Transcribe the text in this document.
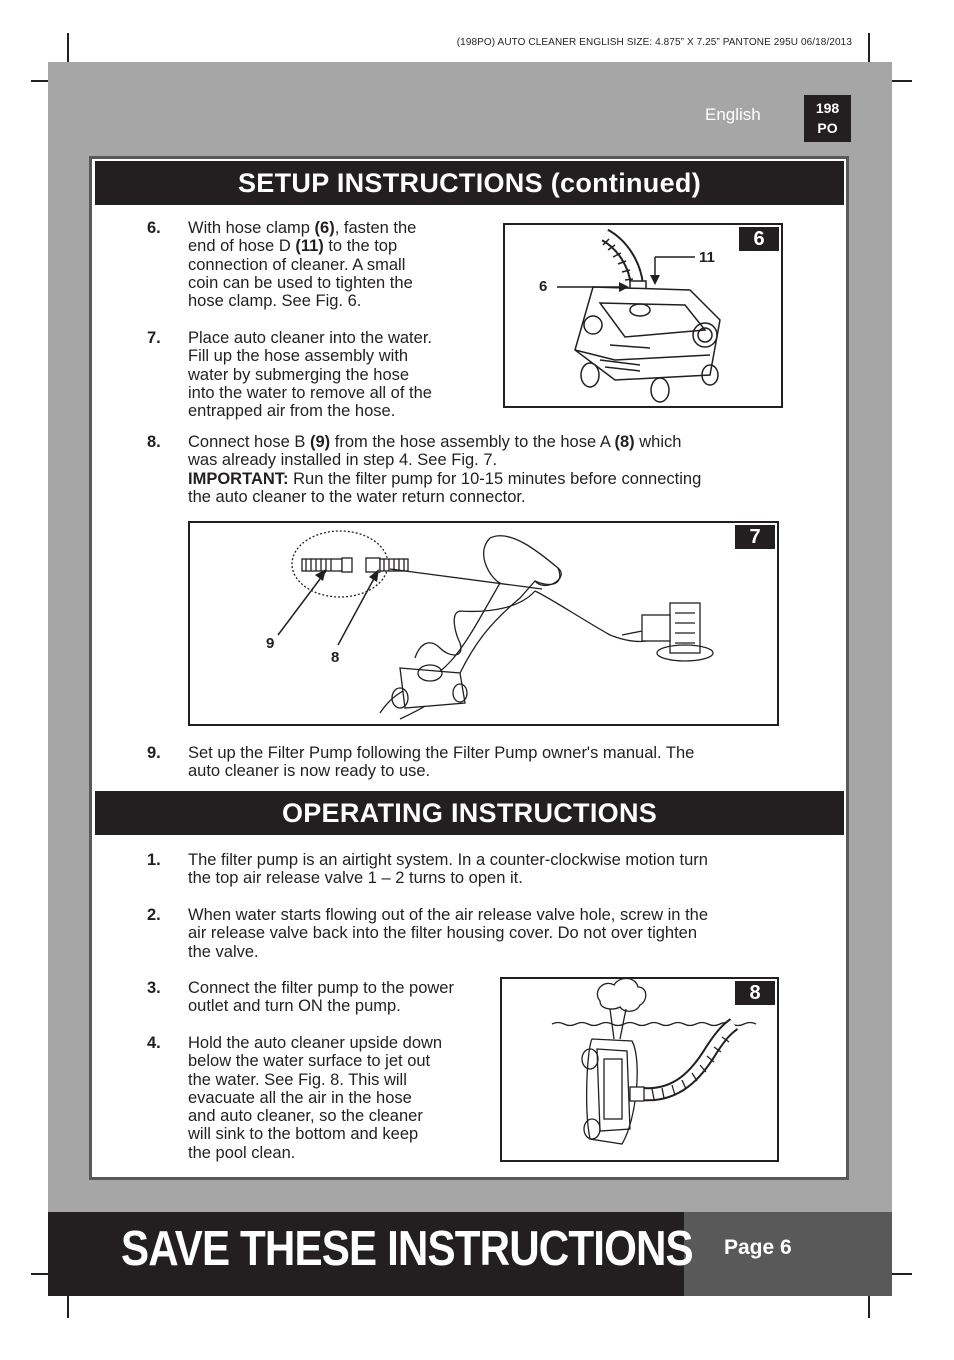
(198PO) AUTO CLEANER ENGLISH SIZE: 4.875” X 7.25” PANTONE 295U 06/18/2013
English	198
PO
SETUP INSTRUCTIONS (continued)
6. With hose clamp (6), fasten the
end of hose D (11) to the top
connection of cleaner. A small
coin can be used to tighten the
hose clamp. See Fig. 6.
7. Place auto cleaner into the water.
Fill up the hose assembly with
water by submerging the hose
into the water to remove all of the
entrapped air from the hose.
8. Connect hose B (9) from the hose assembly to the hose A (8) which
was already installed in step 4. See Fig. 7.
IMPORTANT: Run the filter pump for 10-15 minutes before connecting
the auto cleaner to the water return connector.
9. Set up the Filter Pump following the Filter Pump owner's manual. The
auto cleaner is now ready to use.
6
11
6
7
9
8
OPERATING INSTRUCTIONS
1. The filter pump is an airtight system. In a counter-clockwise motion turn
the top air release valve 1 – 2 turns to open it.
2. When water starts flowing out of the air release valve hole, screw in the
air release valve back into the filter housing cover. Do not over tighten
the valve.
3. Connect the filter pump to the power
outlet and turn ON the pump.
4. Hold the auto cleaner upside down
below the water surface to jet out
the water. See Fig. 8. This will
evacuate all the air in the hose
and auto cleaner, so the cleaner
will sink to the bottom and keep
the pool clean.
8
SAVE THESE INSTRUCTIONS Page 6
